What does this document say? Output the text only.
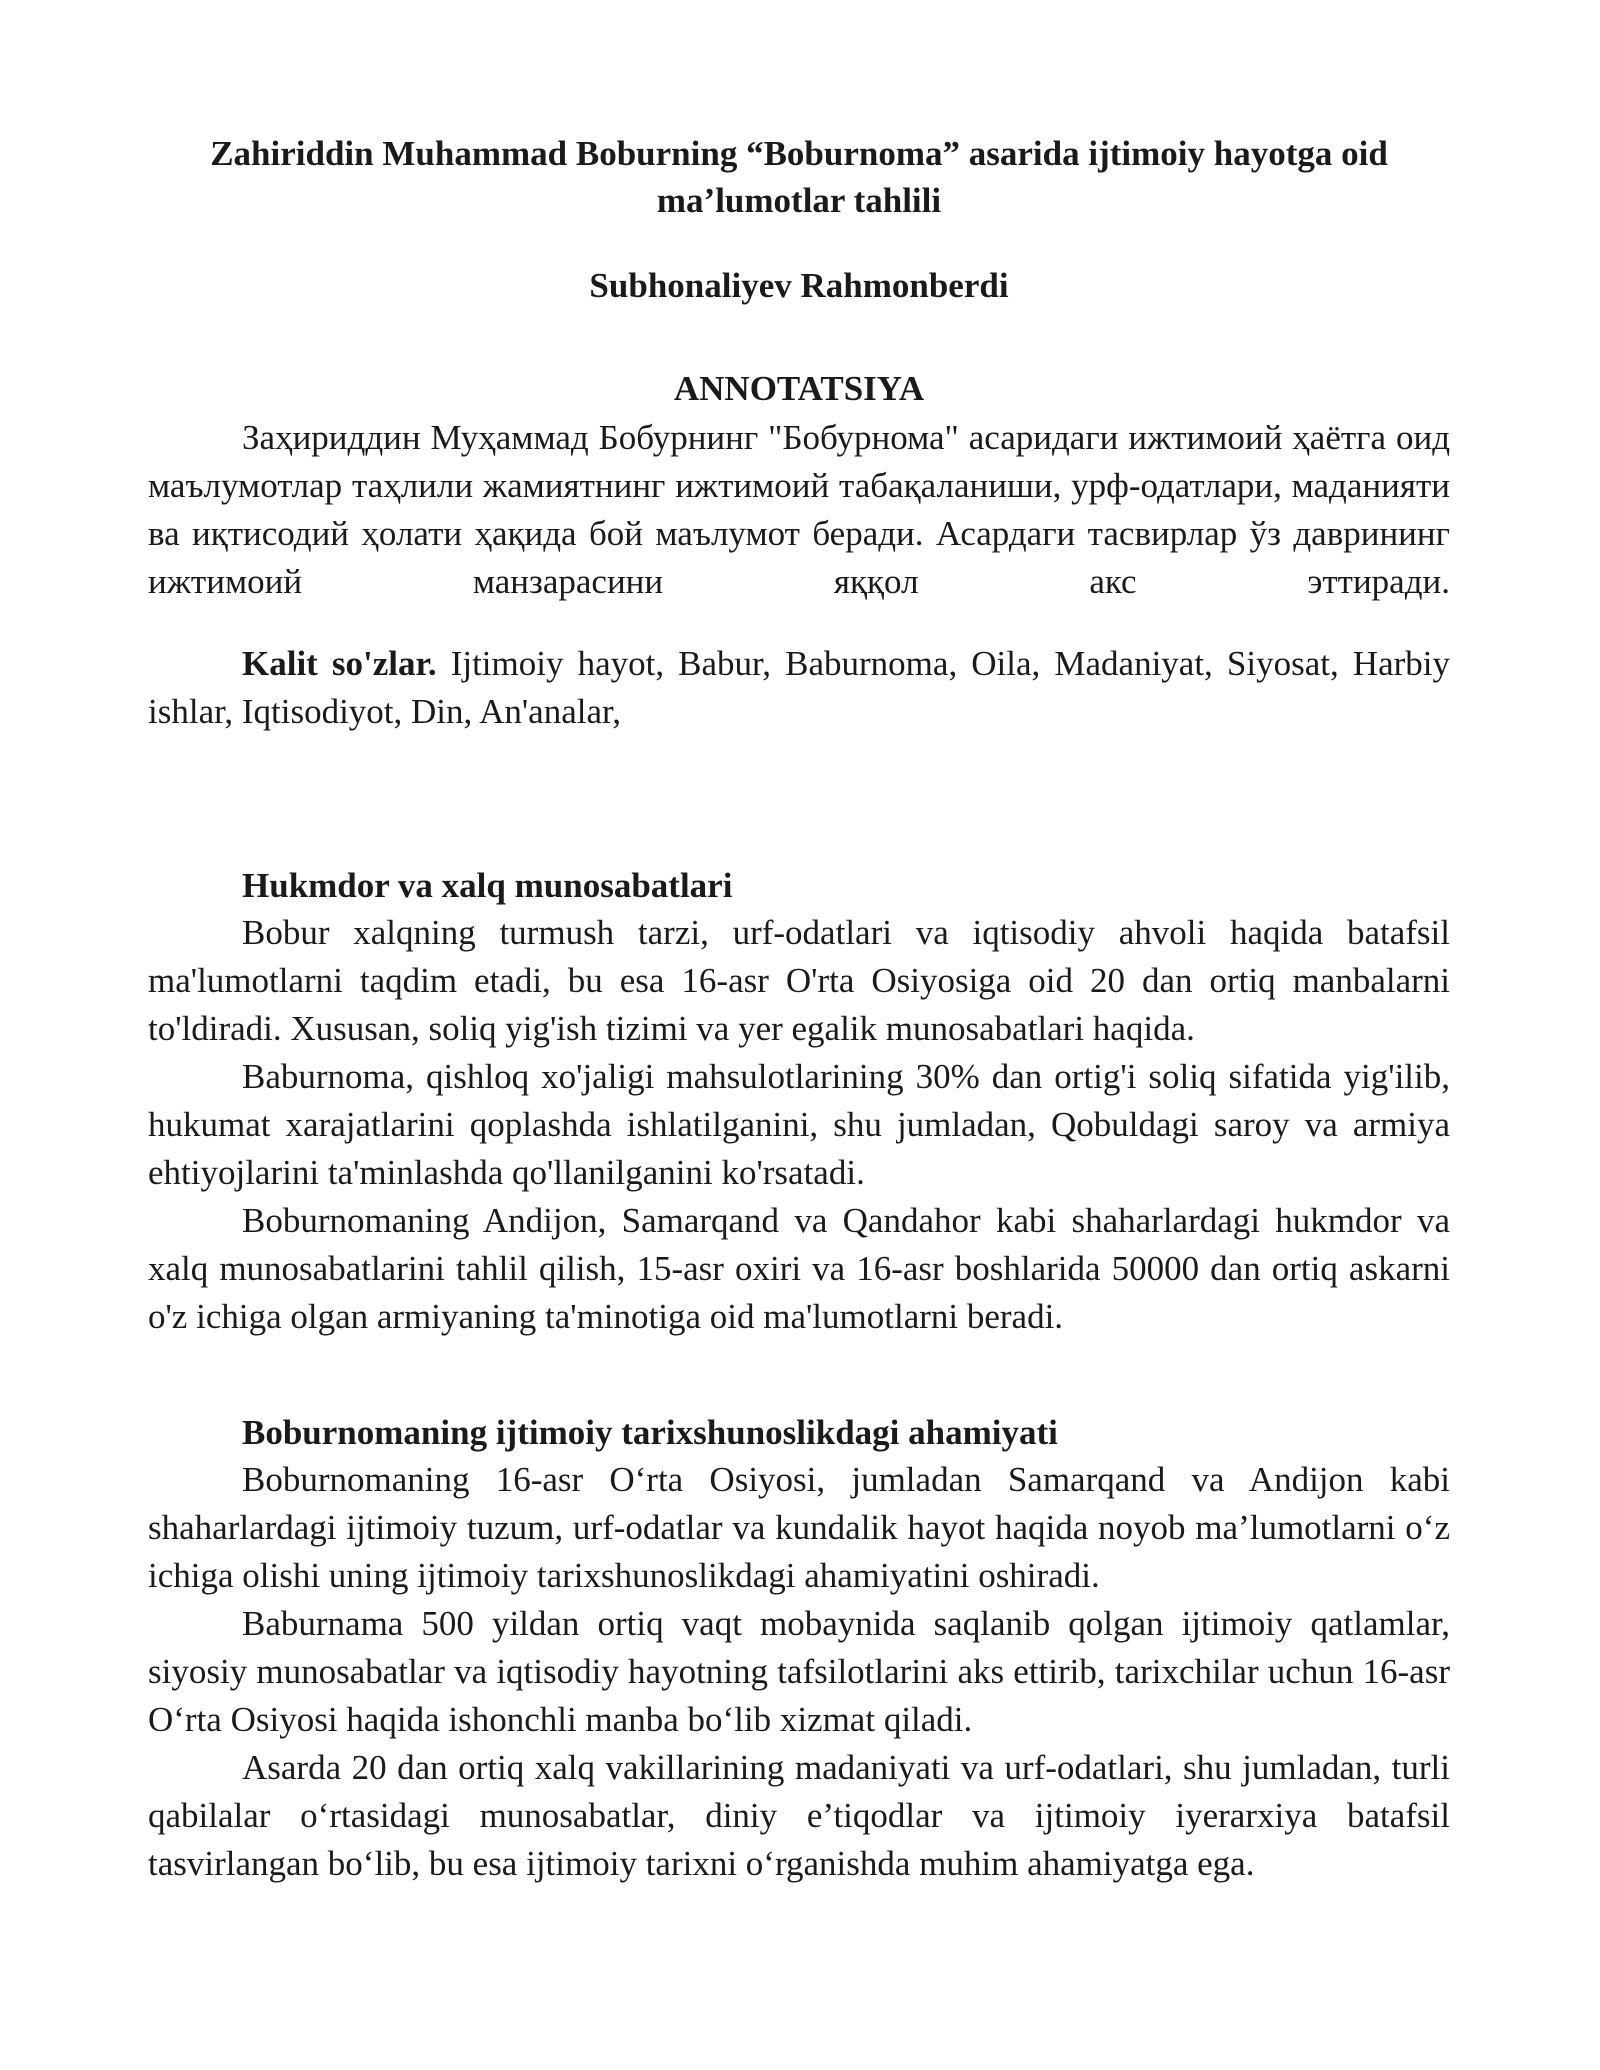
Zahiriddin Muhammad Boburning “Boburnoma” asarida ijtimoiy hayotga oid ma’lumotlar tahlili
Subhonaliyev Rahmonberdi
ANNOTATSIYA

Заҳириддин Муҳаммад Бобурнинг "Бобурнома" асаридаги ижтимоий ҳаётга оид маълумотлар таҳлили жамиятнинг ижтимоий табақаланиши, урф-одатлари, маданияти ва иқтисодий ҳолати ҳақида бой маълумот беради. Асардаги тасвирлар ўз даврининг ижтимоий манзарасини яққол акс эттиради.

Kalit so'zlar. Ijtimoiy hayot, Babur, Baburnoma, Oila, Madaniyat, Siyosat, Harbiy ishlar, Iqtisodiyot, Din, An'analar,

Hukmdor va xalq munosabatlari

Bobur xalqning turmush tarzi, urf-odatlari va iqtisodiy ahvoli haqida batafsil ma'lumotlarni taqdim etadi, bu esa 16-asr O'rta Osiyosiga oid 20 dan ortiq manbalarni to'ldiradi. Xususan, soliq yig'ish tizimi va yer egalik munosabatlari haqida.

Baburnoma, qishloq xo'jaligi mahsulotlarining 30% dan ortig'i soliq sifatida yig'ilib, hukumat xarajatlarini qoplashda ishlatilganini, shu jumladan, Qobuldagi saroy va armiya ehtiyojlarini ta'minlashda qo'llanilganini ko'rsatadi.

Boburnomaning Andijon, Samarqand va Qandahor kabi shaharlardagi hukmdor va xalq munosabatlarini tahlil qilish, 15-asr oxiri va 16-asr boshlarida 50000 dan ortiq askarni o'z ichiga olgan armiyaning ta'minotiga oid ma'lumotlarni beradi.

Boburnomaning ijtimoiy tarixshunoslikdagi ahamiyati

Boburnomaning 16-asr O‘rta Osiyosi, jumladan Samarqand va Andijon kabi shaharlardagi ijtimoiy tuzum, urf-odatlar va kundalik hayot haqida noyob ma’lumotlarni o‘z ichiga olishi uning ijtimoiy tarixshunoslikdagi ahamiyatini oshiradi.

Baburnama 500 yildan ortiq vaqt mobaynida saqlanib qolgan ijtimoiy qatlamlar, siyosiy munosabatlar va iqtisodiy hayotning tafsilotlarini aks ettirib, tarixchilar uchun 16-asr O‘rta Osiyosi haqida ishonchli manba bo‘lib xizmat qiladi.

Asarda 20 dan ortiq xalq vakillarining madaniyati va urf-odatlari, shu jumladan, turli qabilalar o‘rtasidagi munosabatlar, diniy e’tiqodlar va ijtimoiy iyerarxiya batafsil tasvirlangan bo‘lib, bu esa ijtimoiy tarixni o‘rganishda muhim ahamiyatga ega.
